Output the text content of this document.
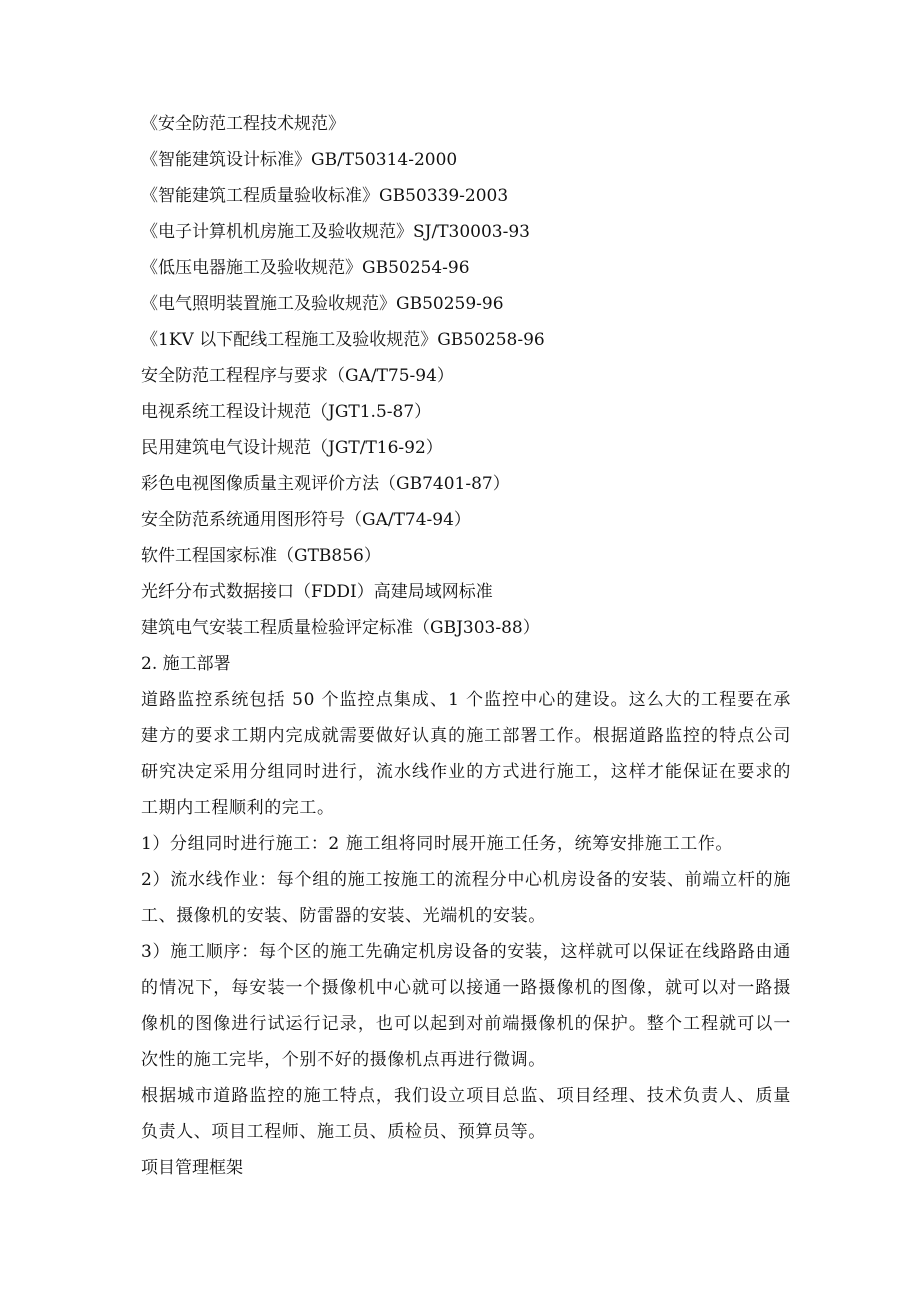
《安全防范工程技术规范》
《智能建筑设计标准》GB/T50314-2000
《智能建筑工程质量验收标准》GB50339-2003
《电子计算机机房施工及验收规范》SJ/T30003-93
《低压电器施工及验收规范》GB50254-96
《电气照明装置施工及验收规范》GB50259-96
《1KV 以下配线工程施工及验收规范》GB50258-96
安全防范工程程序与要求（GA/T75-94）
电视系统工程设计规范（JGT1.5-87）
民用建筑电气设计规范（JGT/T16-92）
彩色电视图像质量主观评价方法（GB7401-87）
安全防范系统通用图形符号（GA/T74-94）
软件工程国家标准（GTB856）
光纤分布式数据接口（FDDI）高建局域网标准
建筑电气安装工程质量检验评定标准（GBJ303-88）
2. 施工部署
道路监控系统包括 50 个监控点集成、1 个监控中心的建设。这么大的工程要在承建方的要求工期内完成就需要做好认真的施工部署工作。根据道路监控的特点公司研究决定采用分组同时进行，流水线作业的方式进行施工，这样才能保证在要求的工期内工程顺利的完工。
1）分组同时进行施工：2 施工组将同时展开施工任务，统筹安排施工工作。
2）流水线作业：每个组的施工按施工的流程分中心机房设备的安装、前端立杆的施工、摄像机的安装、防雷器的安装、光端机的安装。
3）施工顺序：每个区的施工先确定机房设备的安装，这样就可以保证在线路路由通的情况下，每安装一个摄像机中心就可以接通一路摄像机的图像，就可以对一路摄像机的图像进行试运行记录，也可以起到对前端摄像机的保护。整个工程就可以一次性的施工完毕，个别不好的摄像机点再进行微调。
根据城市道路监控的施工特点，我们设立项目总监、项目经理、技术负责人、质量负责人、项目工程师、施工员、质检员、预算员等。
项目管理框架
